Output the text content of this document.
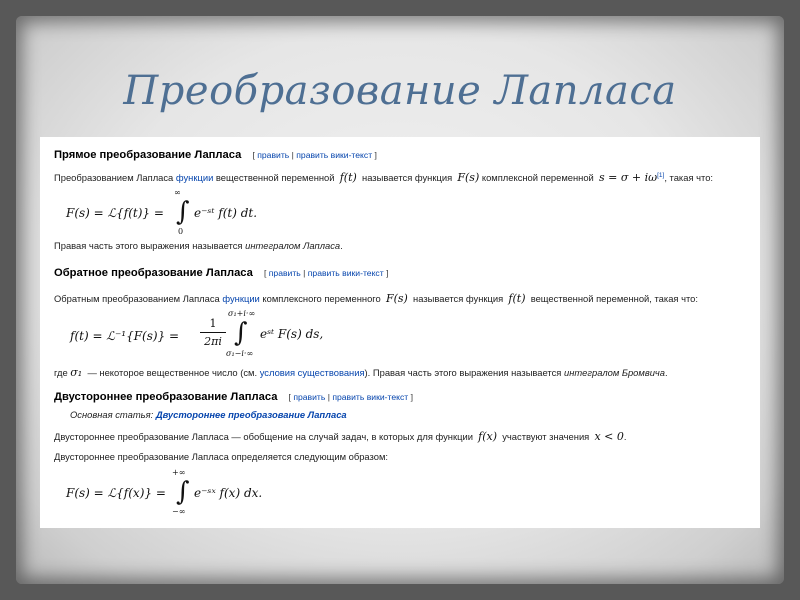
Преобразование Лапласа
Прямое преобразование Лапласа [ править | править вики-текст ]
Преобразованием Лапласа функции вещественной переменной f(t) называется функция F(s) комплексной переменной s = σ + iω[1], такая что:
F(s) = ℒ{f(t)} = ∫
∞
0
e⁻ˢᵗ f(t) dt.
Правая часть этого выражения называется интегралом Лапласа.
Обратное преобразование Лапласа [ править | править вики-текст ]
Обратным преобразованием Лапласа функции комплексного переменного F(s) называется функция f(t) вещественной переменной, такая что:
f(t) = ℒ⁻¹{F(s)} =
1
2πi ∫
σ₁+i·∞
σ₁−i·∞
eˢᵗ F(s) ds,
где σ₁ — некоторое вещественное число (см. условия существования). Правая часть этого выражения называется интегралом Бромвича.
Двустороннее преобразование Лапласа [ править | править вики-текст ]
Основная статья: Двустороннее преобразование Лапласа
Двустороннее преобразование Лапласа — обобщение на случай задач, в которых для функции f(x) участвуют значения x < 0.
Двустороннее преобразование Лапласа определяется следующим образом:
F(s) = ℒ{f(x)} = ∫
+∞
−∞
e⁻ˢˣ f(x) dx.
